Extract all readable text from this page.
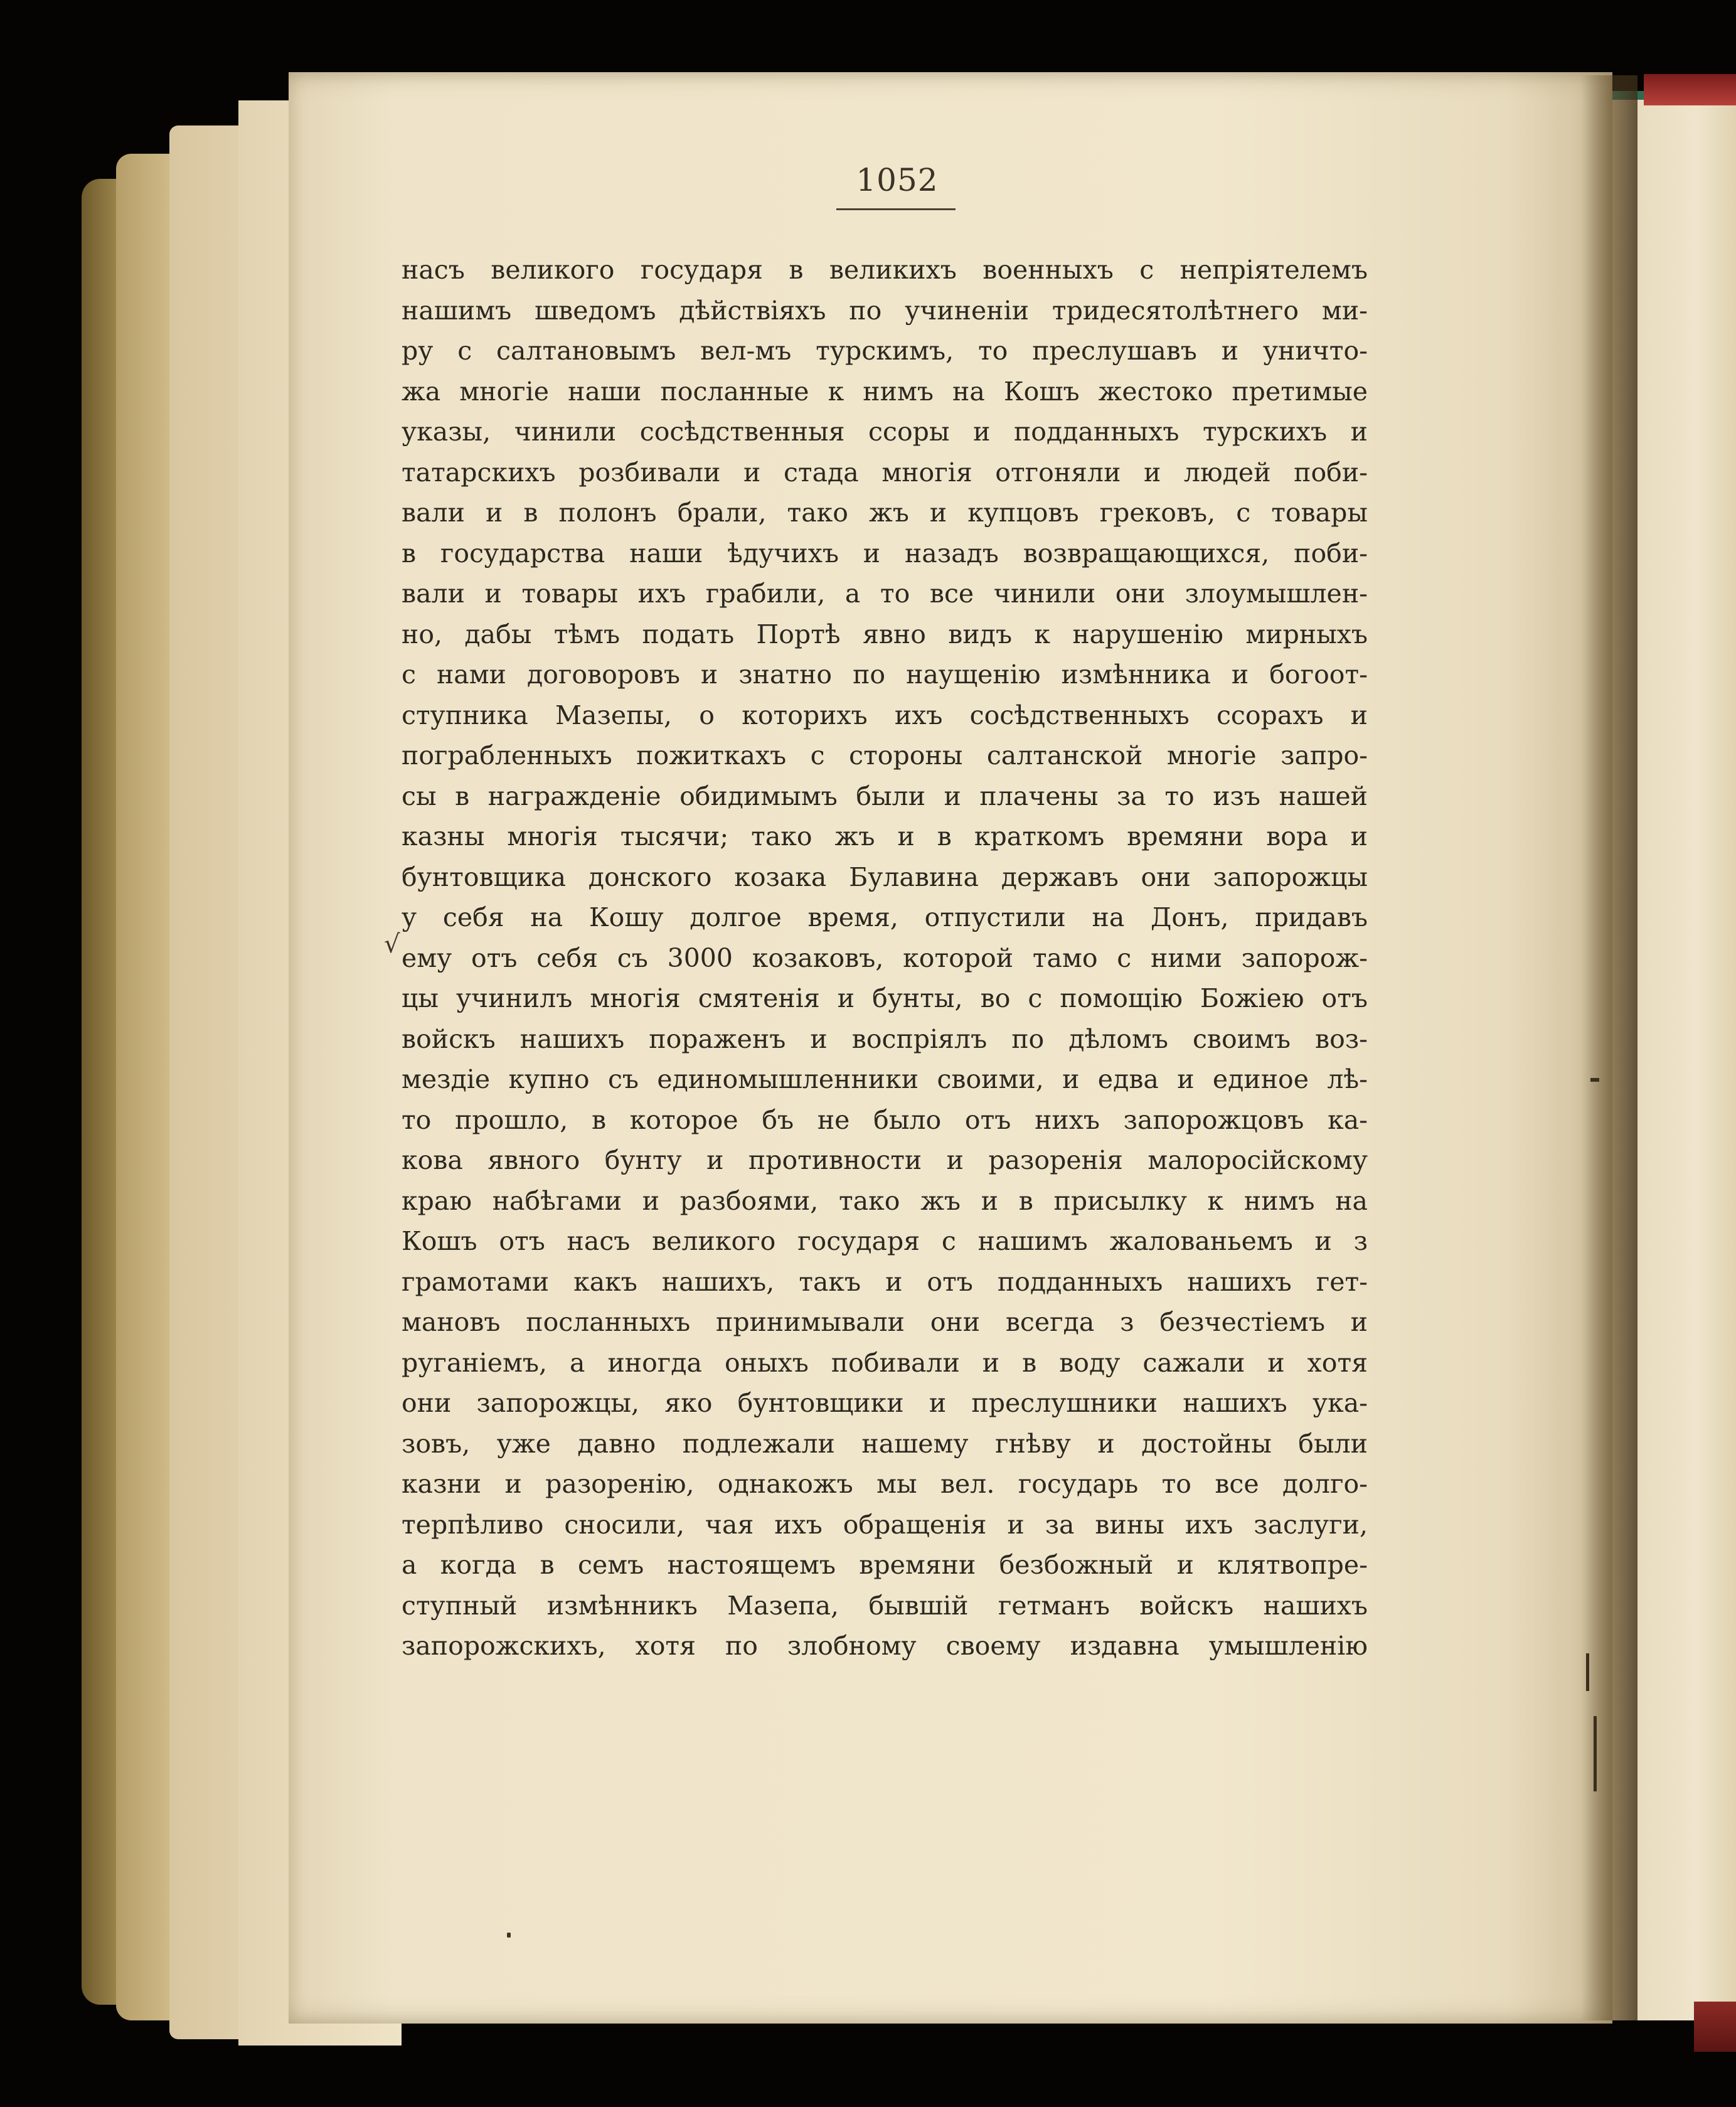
1052
√
насъ великого государя в великихъ военныхъ с непріятелемъ
нашимъ шведомъ дѣйствіяхъ по учиненіи тридесятолѣтнего ми-
ру с салтановымъ вел-мъ турскимъ, то преслушавъ и уничто-
жа многіе наши посланные к нимъ на Кошъ жестоко претимые
указы, чинили сосѣдственныя ссоры и подданныхъ турскихъ и
татарскихъ розбивали и стада многія отгоняли и людей поби-
вали и в полонъ брали, тако жъ и купцовъ грековъ, с товары
в государства наши ѣдучихъ и назадъ возвращающихся, поби-
вали и товары ихъ грабили, а то все чинили они злоумышлен-
но, дабы тѣмъ подать Портѣ явно видъ к нарушенію мирныхъ
с нами договоровъ и знатно по наущенію измѣнника и богоот-
ступника Мазепы, о которихъ ихъ сосѣдственныхъ ссорахъ и
пограбленныхъ пожиткахъ с стороны салтанской многіе запро-
сы в награжденіе обидимымъ были и плачены за то изъ нашей
казны многія тысячи; тако жъ и в краткомъ времяни вора и
бунтовщика донского козака Булавина державъ они запорожцы
у себя на Кошу долгое время, отпустили на Донъ, придавъ
ему отъ себя съ 3000 козаковъ, которой тамо с ними запорож-
цы учинилъ многія смятенія и бунты, во с помощію Божіею отъ
войскъ нашихъ пораженъ и воспріялъ по дѣломъ своимъ воз-
мездіе купно съ единомышленники своими, и едва и единое лѣ-
то прошло, в которое бъ не было отъ нихъ запорожцовъ ка-
кова явного бунту и противности и разоренія малоросійскому
краю набѣгами и разбоями, тако жъ и в присылку к нимъ на
Кошъ отъ насъ великого государя с нашимъ жалованьемъ и з
грамотами какъ нашихъ, такъ и отъ подданныхъ нашихъ гет-
мановъ посланныхъ принимывали они всегда з безчестіемъ и
руганіемъ, а иногда оныхъ побивали и в воду сажали и хотя
они запорожцы, яко бунтовщики и преслушники нашихъ ука-
зовъ, уже давно подлежали нашему гнѣву и достойны были
казни и разоренію, однакожъ мы вел. государь то все долго-
терпѣливо сносили, чая ихъ обращенія и за вины ихъ заслуги,
а когда в семъ настоящемъ времяни безбожный и клятвопре-
ступный измѣнникъ Мазепа, бывшій гетманъ войскъ нашихъ
запорожскихъ, хотя по злобному своему издавна умышленію
